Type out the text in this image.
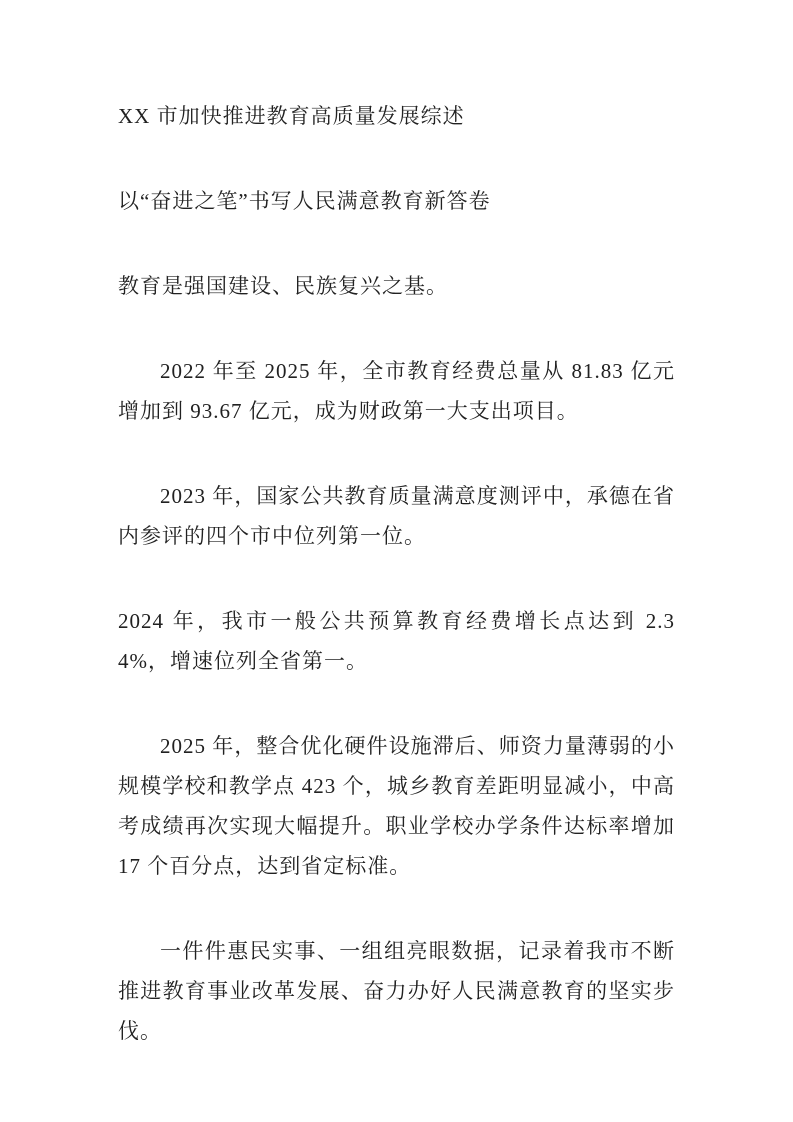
XX 市加快推进教育高质量发展综述

以“奋进之笔”书写人民满意教育新答卷

教育是强国建设、民族复兴之基。

2022 年至 2025 年，全市教育经费总量从 81.83 亿元增加到 93.67 亿元，成为财政第一大支出项目。

2023 年，国家公共教育质量满意度测评中，承德在省内参评的四个市中位列第一位。

2024 年，我市一般公共预算教育经费增长点达到 2.34%，增速位列全省第一。

2025 年，整合优化硬件设施滞后、师资力量薄弱的小规模学校和教学点 423 个，城乡教育差距明显减小，中高考成绩再次实现大幅提升。职业学校办学条件达标率增加 17 个百分点，达到省定标准。

一件件惠民实事、一组组亮眼数据，记录着我市不断推进教育事业改革发展、奋力办好人民满意教育的坚实步伐。
